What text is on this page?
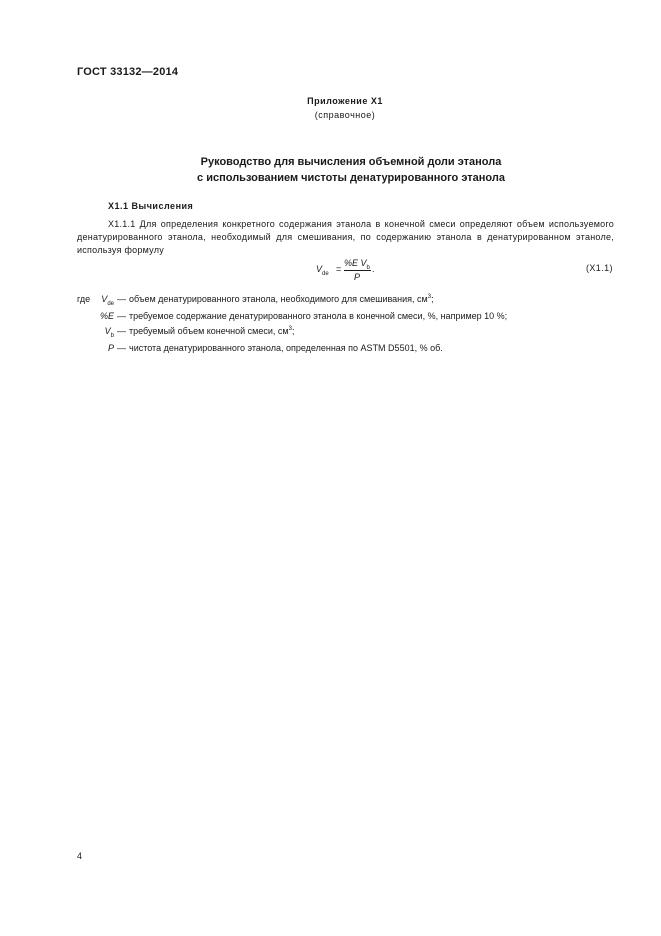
ГОСТ 33132—2014
Приложение Х1
(справочное)
Руководство для вычисления объемной доли этанола
с использованием чистоты денатурированного этанола
Х1.1 Вычисления
Х1.1.1 Для определения конкретного содержания этанола в конечной смеси определяют объем используемого денатурированного этанола, необходимый для смешивания, по содержанию этанола в денатурированном этаноле, используя формулу
$V_{de}$ =
%E $V_b$
P
.	(Х1.1)
где $V_{de}$ — объем денатурированного этанола, необходимого для смешивания, $см^3$;
%E — требуемое содержание денатурированного этанола в конечной смеси, %, например 10 %;
$V_b$ — требуемый объем конечной смеси, $см^3$;
P — чистота денатурированного этанола, определенная по ASTM D5501, % об.
4
